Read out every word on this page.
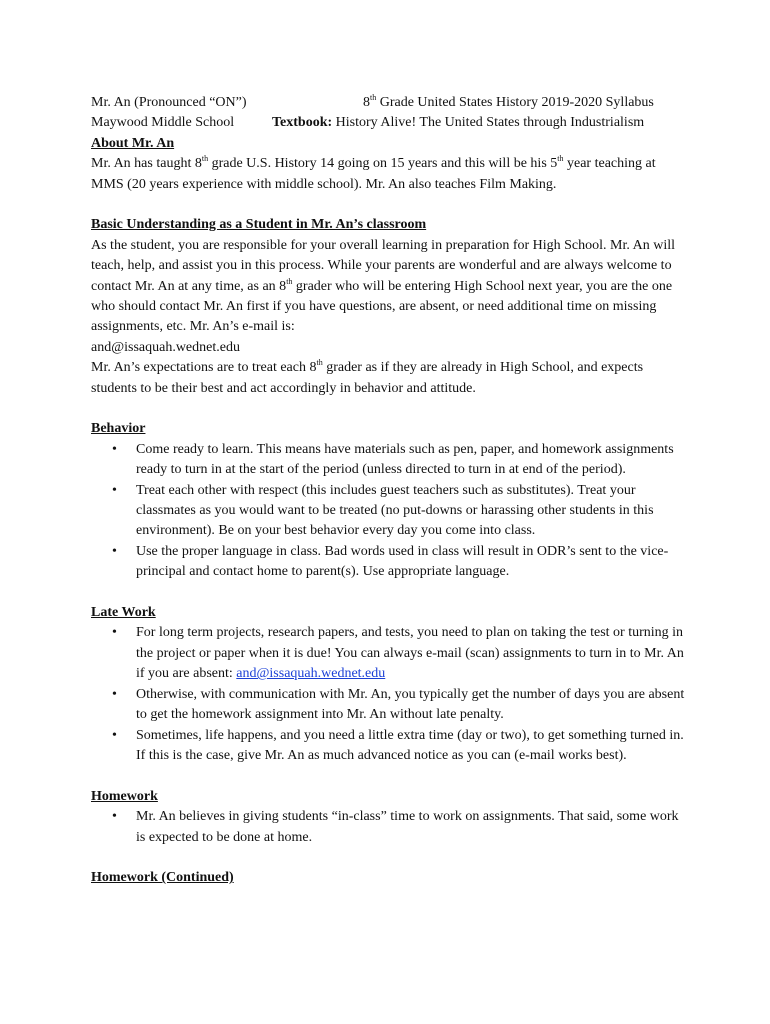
Mr. An (Pronounced “ON”)	8th Grade United States History 2019-2020 Syllabus
Maywood Middle School	Textbook: History Alive! The United States through Industrialism
About Mr. An

Mr. An has taught 8th grade U.S. History 14 going on 15 years and this will be his 5th year teaching at MMS (20 years experience with middle school). Mr. An also teaches Film Making.

Basic Understanding as a Student in Mr. An’s classroom

As the student, you are responsible for your overall learning in preparation for High School. Mr. An will teach, help, and assist you in this process. While your parents are wonderful and are always welcome to contact Mr. An at any time, as an 8th grader who will be entering High School next year, you are the one who should contact Mr. An first if you have questions, are absent, or need additional time on missing assignments, etc. Mr. An’s e-mail is:

and@issaquah.wednet.edu

Mr. An’s expectations are to treat each 8th grader as if they are already in High School, and expects students to be their best and act accordingly in behavior and attitude.

Behavior
• Come ready to learn. This means have materials such as pen, paper, and homework assignments ready to turn in at the start of the period (unless directed to turn in at end of the period).
• Treat each other with respect (this includes guest teachers such as substitutes). Treat your classmates as you would want to be treated (no put-downs or harassing other students in this environment). Be on your best behavior every day you come into class.
• Use the proper language in class. Bad words used in class will result in ODR’s sent to the vice-principal and contact home to parent(s). Use appropriate language.
Late Work
• For long term projects, research papers, and tests, you need to plan on taking the test or turning in the project or paper when it is due! You can always e-mail (scan) assignments to turn in to Mr. An if you are absent: and@issaquah.wednet.edu
• Otherwise, with communication with Mr. An, you typically get the number of days you are absent to get the homework assignment into Mr. An without late penalty.
• Sometimes, life happens, and you need a little extra time (day or two), to get something turned in. If this is the case, give Mr. An as much advanced notice as you can (e-mail works best).
Homework
• Mr. An believes in giving students “in-class” time to work on assignments. That said, some work is expected to be done at home.
Homework (Continued)
